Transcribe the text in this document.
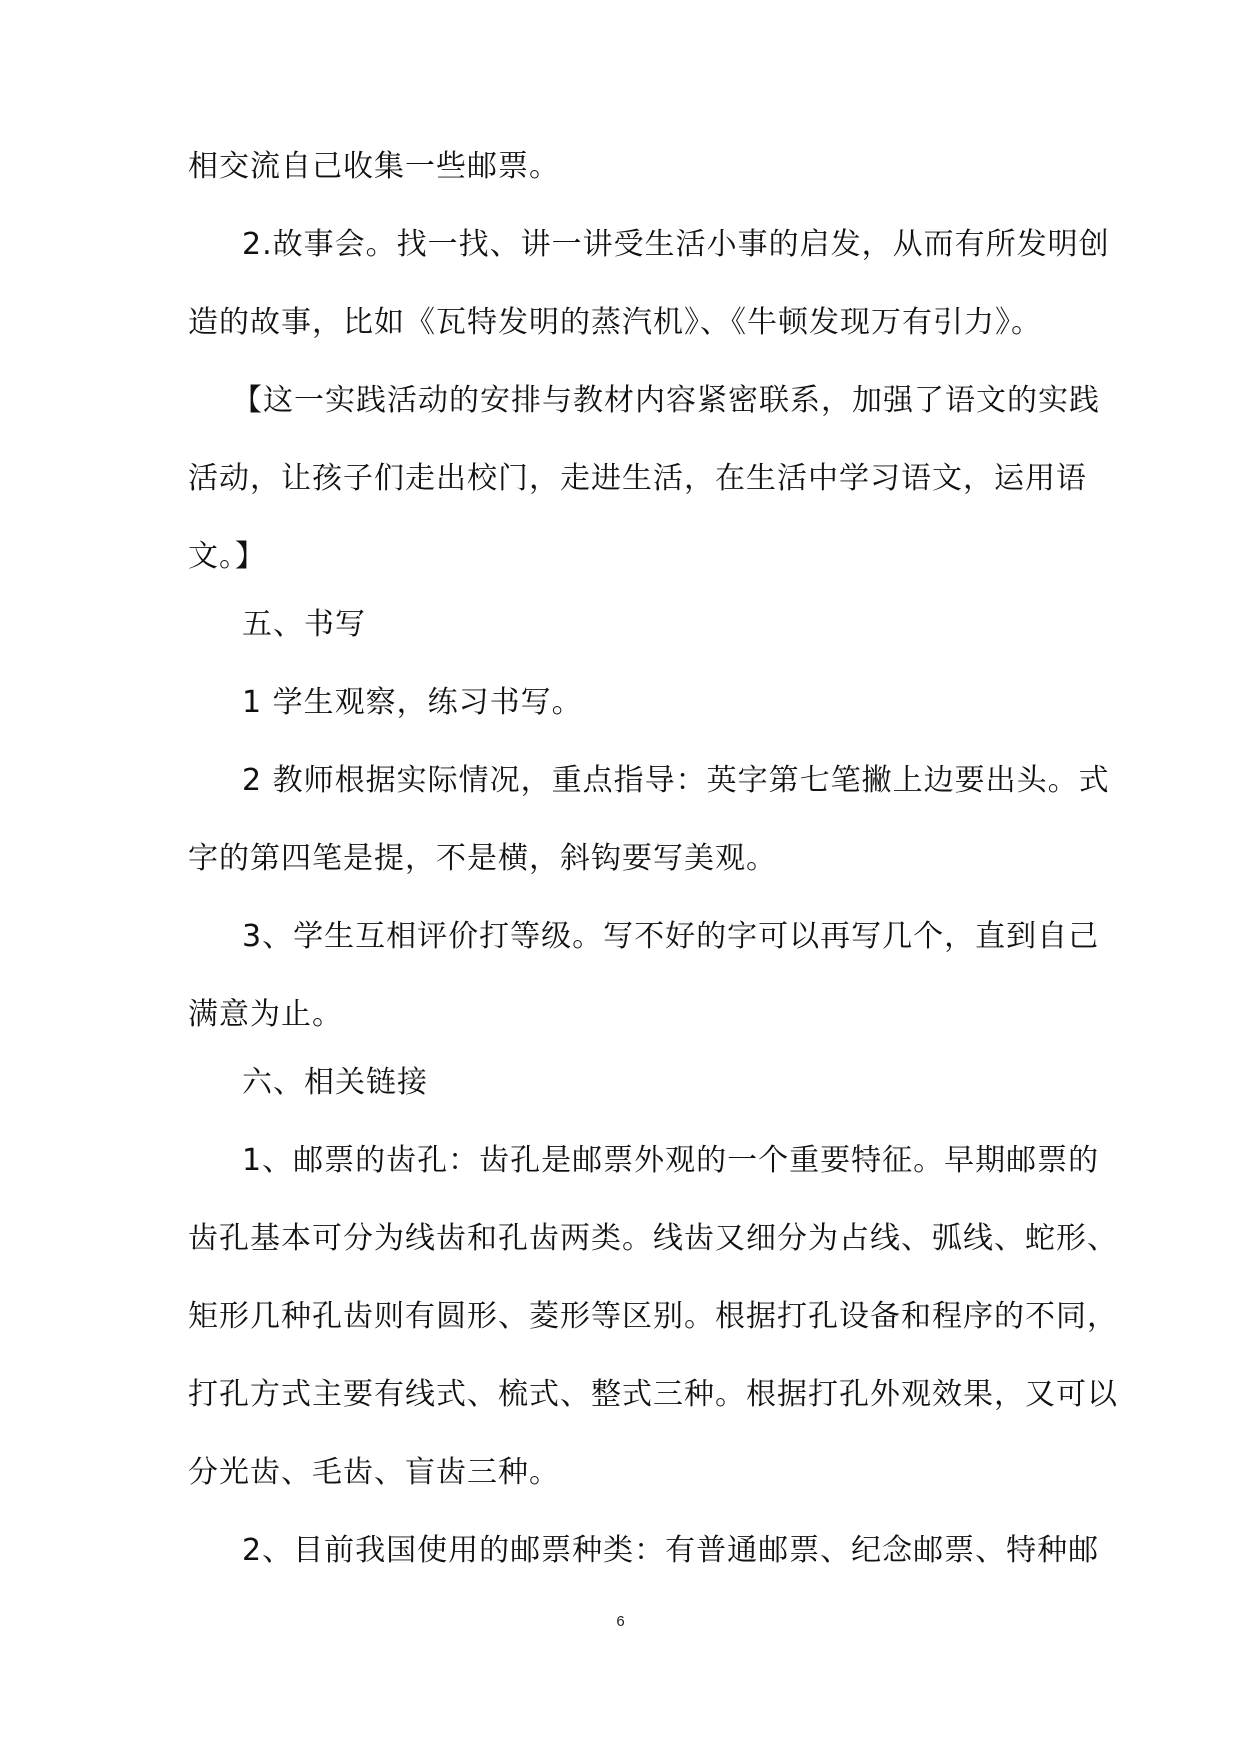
相交流自己收集一些邮票。
2.故事会。找一找、讲一讲受生活小事的启发，从而有所发明创
造的故事，比如《瓦特发明的蒸汽机》、《牛顿发现万有引力》。
【这一实践活动的安排与教材内容紧密联系，加强了语文的实践
活动，让孩子们走出校门，走进生活，在生活中学习语文，运用语
文。】
五、书写
1 学生观察，练习书写。
2 教师根据实际情况，重点指导：英字第七笔撇上边要出头。式
字的第四笔是提，不是横，斜钩要写美观。
3、学生互相评价打等级。写不好的字可以再写几个，直到自己
满意为止。
六、相关链接
1、邮票的齿孔：齿孔是邮票外观的一个重要特征。早期邮票的
齿孔基本可分为线齿和孔齿两类。线齿又细分为占线、弧线、蛇形、
矩形几种孔齿则有圆形、菱形等区别。根据打孔设备和程序的不同，
打孔方式主要有线式、梳式、整式三种。根据打孔外观效果，又可以
分光齿、毛齿、盲齿三种。
2、目前我国使用的邮票种类：有普通邮票、纪念邮票、特种邮
6
